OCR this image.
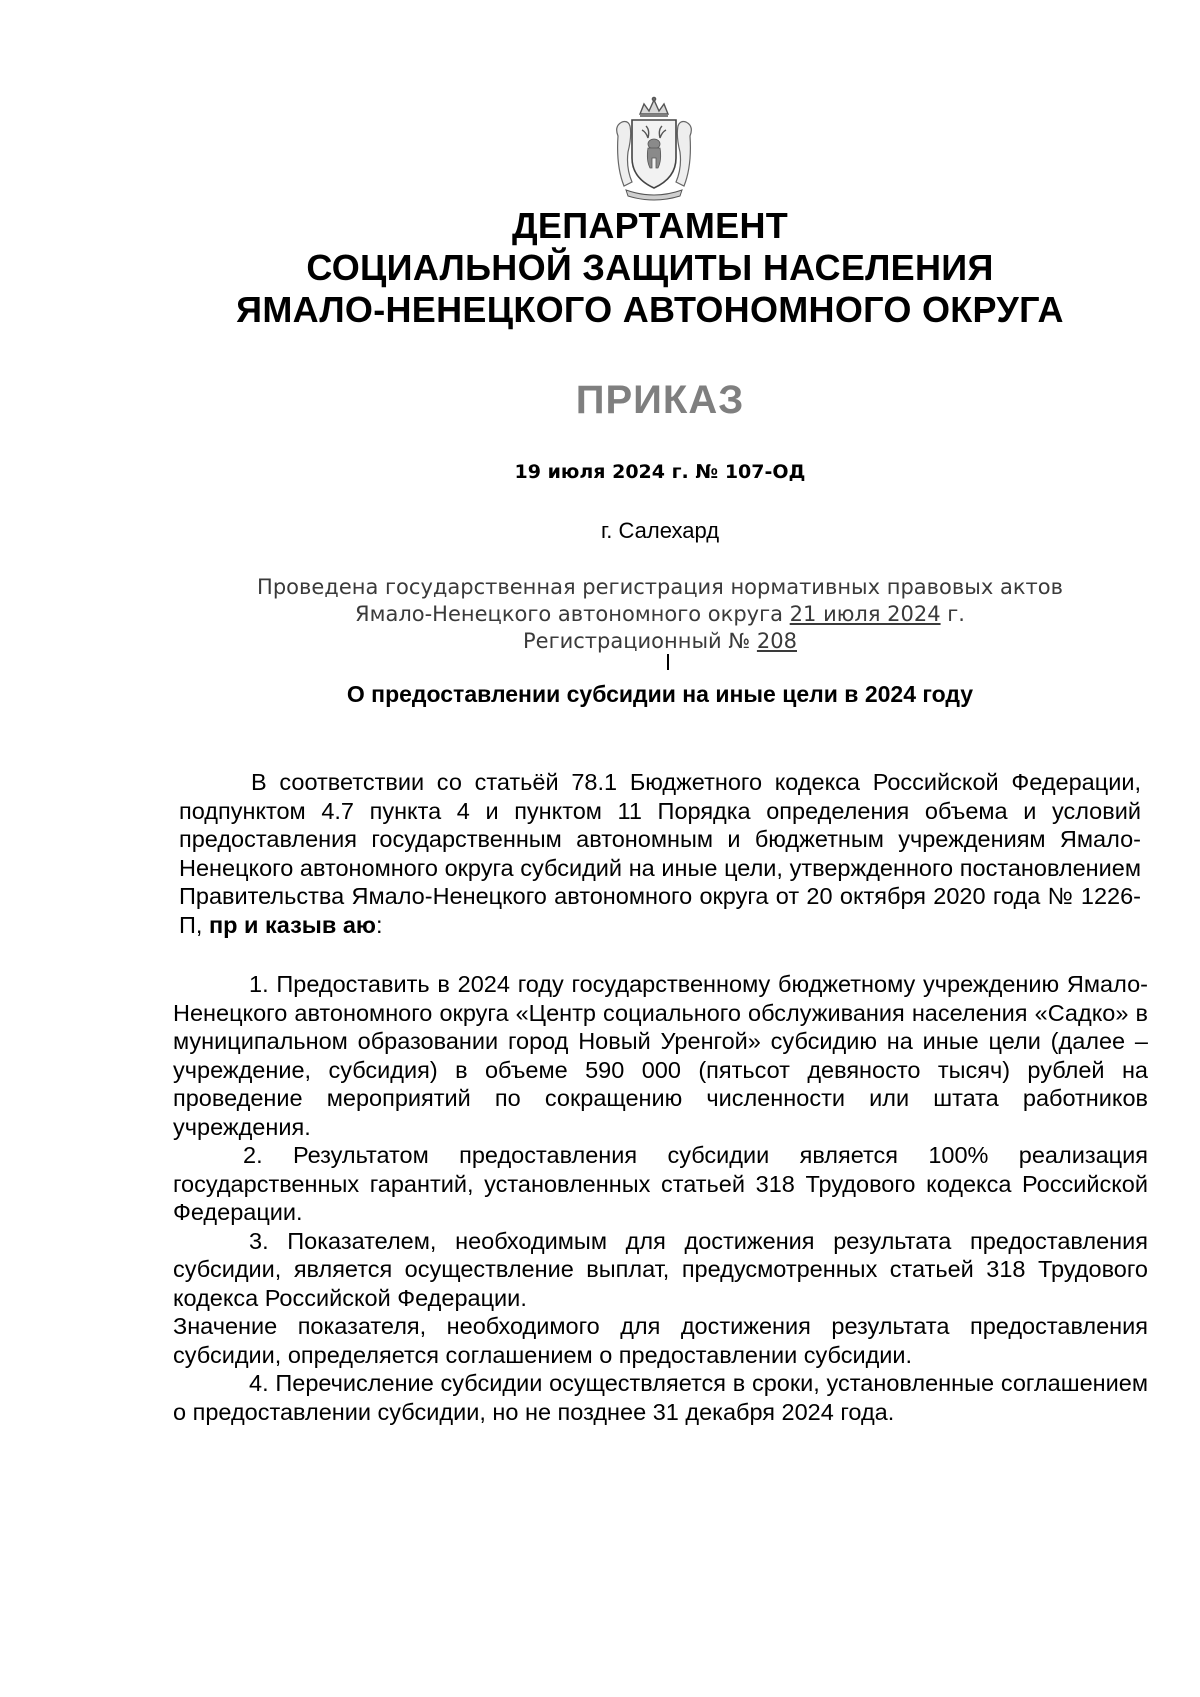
ДЕПАРТАМЕНТ
СОЦИАЛЬНОЙ ЗАЩИТЫ НАСЕЛЕНИЯ
ЯМАЛО-НЕНЕЦКОГО АВТОНОМНОГО ОКРУГА
ПРИКАЗ
19 июля 2024 г. № 107-ОД
г. Салехард
Проведена государственная регистрация нормативных правовых актов
Ямало-Ненецкого автономного округа 21 июля 2024 г.
Регистрационный № 208
О предоставлении субсидии на иные цели в 2024 году

В соответствии со статьёй 78.1 Бюджетного кодекса Российской Федерации, подпунктом 4.7 пункта 4 и пунктом 11 Порядка определения объема и условий предоставления государственным автономным и бюджетным учреждениям Ямало-Ненецкого автономного округа субсидий на иные цели, утвержденного постановлением Правительства Ямало-Ненецкого автономного округа от 20 октября 2020 года № 1226-П, пр и казыв аю:

1. Предоставить в 2024 году государственному бюджетному учреждению Ямало-Ненецкого автономного округа «Центр социального обслуживания населения «Садко» в муниципальном образовании город Новый Уренгой» субсидию на иные цели (далее – учреждение, субсидия) в объеме 590 000 (пятьсот девяносто тысяч) рублей на проведение мероприятий по сокращению численности или штата работников учреждения.

2. Результатом предоставления субсидии является 100% реализация государственных гарантий, установленных статьей 318 Трудового кодекса Российской Федерации.

3. Показателем, необходимым для достижения результата предоставления субсидии, является осуществление выплат, предусмотренных статьей 318 Трудового кодекса Российской Федерации.

Значение показателя, необходимого для достижения результата предоставления субсидии, определяется соглашением о предоставлении субсидии.

4. Перечисление субсидии осуществляется в сроки, установленные соглашением о предоставлении субсидии, но не позднее 31 декабря 2024 года.
